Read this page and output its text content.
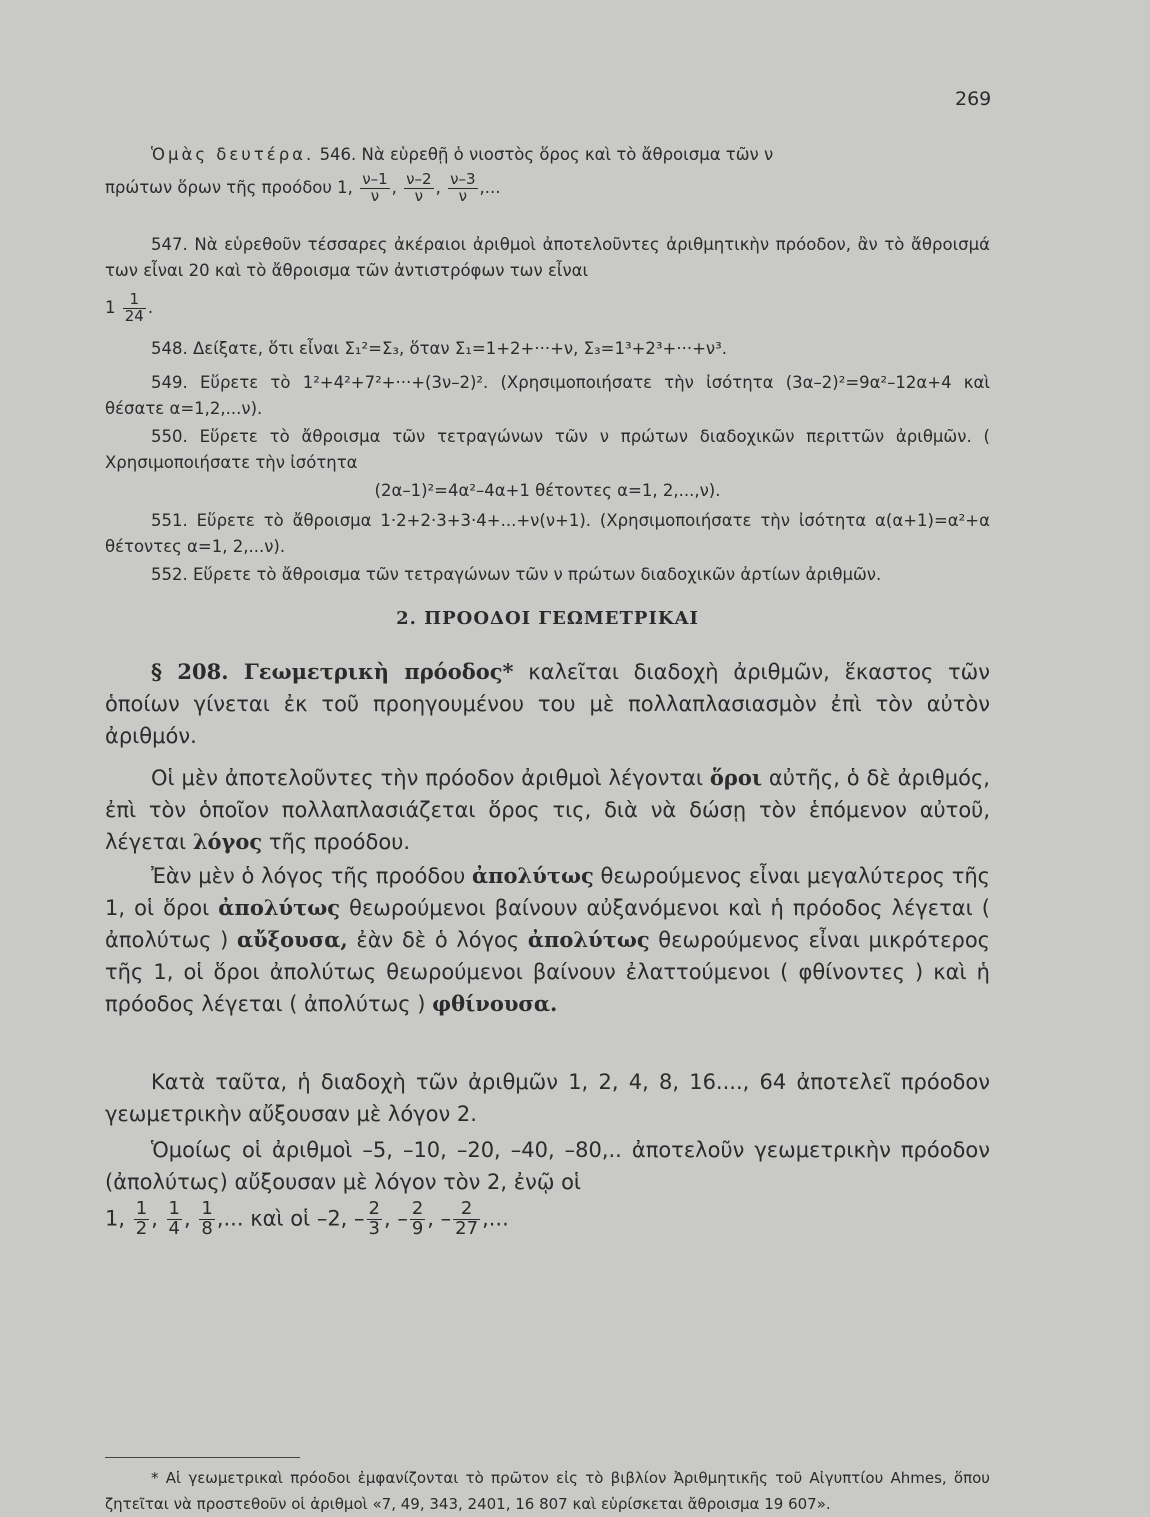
269

Ὁμὰς δευτέρα. 546. Νὰ εὑρεθῇ ὁ νιοστὸς ὅρος καὶ τὸ ἄθροισμα τῶν ν

πρώτων ὅρων τῆς προόδου 1, $\frac{\nu-1}{\nu}$ , $\frac{\nu-2}{\nu}$ , $\frac{\nu-3}{\nu}$ ,...

547. Νὰ εὑρεθοῦν τέσσαρες ἀκέραιοι ἀριθμοὶ ἀποτελοῦντες ἀριθμητικὴν πρόοδον, ἂν τὸ ἄθροισμά των εἶναι 20 καὶ τὸ ἄθροισμα τῶν ἀντιστρόφων των εἶναι

$1 \frac{1}{24}$ .

548. Δείξατε, ὅτι εἶναι Σ₁²=Σ₃, ὅταν Σ₁=1+2+···+ν, Σ₃=1³+2³+···+ν³.

549. Εὕρετε τὸ 1²+4²+7²+···+(3ν–2)². (Χρησιμοποιήσατε τὴν ἰσότητα (3α–2)²=9α²–12α+4 καὶ θέσατε α=1,2,...ν).

550. Εὕρετε τὸ ἄθροισμα τῶν τετραγώνων τῶν ν πρώτων διαδοχικῶν περιττῶν ἀριθμῶν. ( Χρησιμοποιήσατε τὴν ἰσότητα

(2α–1)²=4α²–4α+1 θέτοντες α=1, 2,...,ν).

551. Εὕρετε τὸ ἄθροισμα 1·2+2·3+3·4+...+ν(ν+1). (Χρησιμοποιήσατε τὴν ἰσότητα α(α+1)=α²+α θέτοντες α=1, 2,...ν).

552. Εὕρετε τὸ ἄθροισμα τῶν τετραγώνων τῶν ν πρώτων διαδοχικῶν ἀρτίων ἀριθμῶν.

2. ΠΡΟΟΔΟΙ ΓΕΩΜΕΤΡΙΚΑΙ

§ 208. Γεωμετρικὴ πρόοδος* καλεῖται διαδοχὴ ἀριθμῶν, ἕκαστος τῶν ὁποίων γίνεται ἐκ τοῦ προηγουμένου του μὲ πολλαπλασιασμὸν ἐπὶ τὸν αὐτὸν ἀριθμόν.

Οἱ μὲν ἀποτελοῦντες τὴν πρόοδον ἀριθμοὶ λέγονται ὅροι αὐτῆς, ὁ δὲ ἀριθμός, ἐπὶ τὸν ὁποῖον πολλαπλασιάζεται ὅρος τις, διὰ νὰ δώσῃ τὸν ἑπόμενον αὐτοῦ, λέγεται λόγος τῆς προόδου.

Ἐὰν μὲν ὁ λόγος τῆς προόδου ἀπολύτως θεωρούμενος εἶναι μεγαλύτερος τῆς 1, οἱ ὅροι ἀπολύτως θεωρούμενοι βαίνουν αὐξανόμενοι καὶ ἡ πρόοδος λέγεται ( ἀπολύτως ) αὔξουσα, ἐὰν δὲ ὁ λόγος ἀπολύτως θεωρούμενος εἶναι μικρότερος τῆς 1, οἱ ὅροι ἀπολύτως θεωρούμενοι βαίνουν ἐλαττούμενοι ( φθίνοντες ) καὶ ἡ πρόοδος λέγεται ( ἀπολύτως ) φθίνουσα.

Κατὰ ταῦτα, ἡ διαδοχὴ τῶν ἀριθμῶν 1, 2, 4, 8, 16...., 64 ἀποτελεῖ πρόοδον γεωμετρικὴν αὔξουσαν μὲ λόγον 2.

Ὁμοίως οἱ ἀριθμοὶ –5, –10, –20, –40, –80,.. ἀποτελοῦν γεωμετρικὴν πρόοδον (ἀπολύτως) αὔξουσαν μὲ λόγον τὸν 2, ἐνῷ οἱ

1, $\frac{1}{2}$ , $\frac{1}{4}$ , $\frac{1}{8}$ ,... καὶ οἱ –2, – $\frac{2}{3}$ , – $\frac{2}{9}$ , – $\frac{2}{27}$ ,...

* Αἱ γεωμετρικαὶ πρόοδοι ἐμφανίζονται τὸ πρῶτον εἰς τὸ βιβλίον Ἀριθμητικῆς τοῦ Αἰγυπτίου Ahmes, ὅπου ζητεῖται νὰ προστεθοῦν οἱ ἀριθμοὶ «7, 49, 343, 2401, 16 807 καὶ εὑρίσκεται ἄθροισμα 19 607».
